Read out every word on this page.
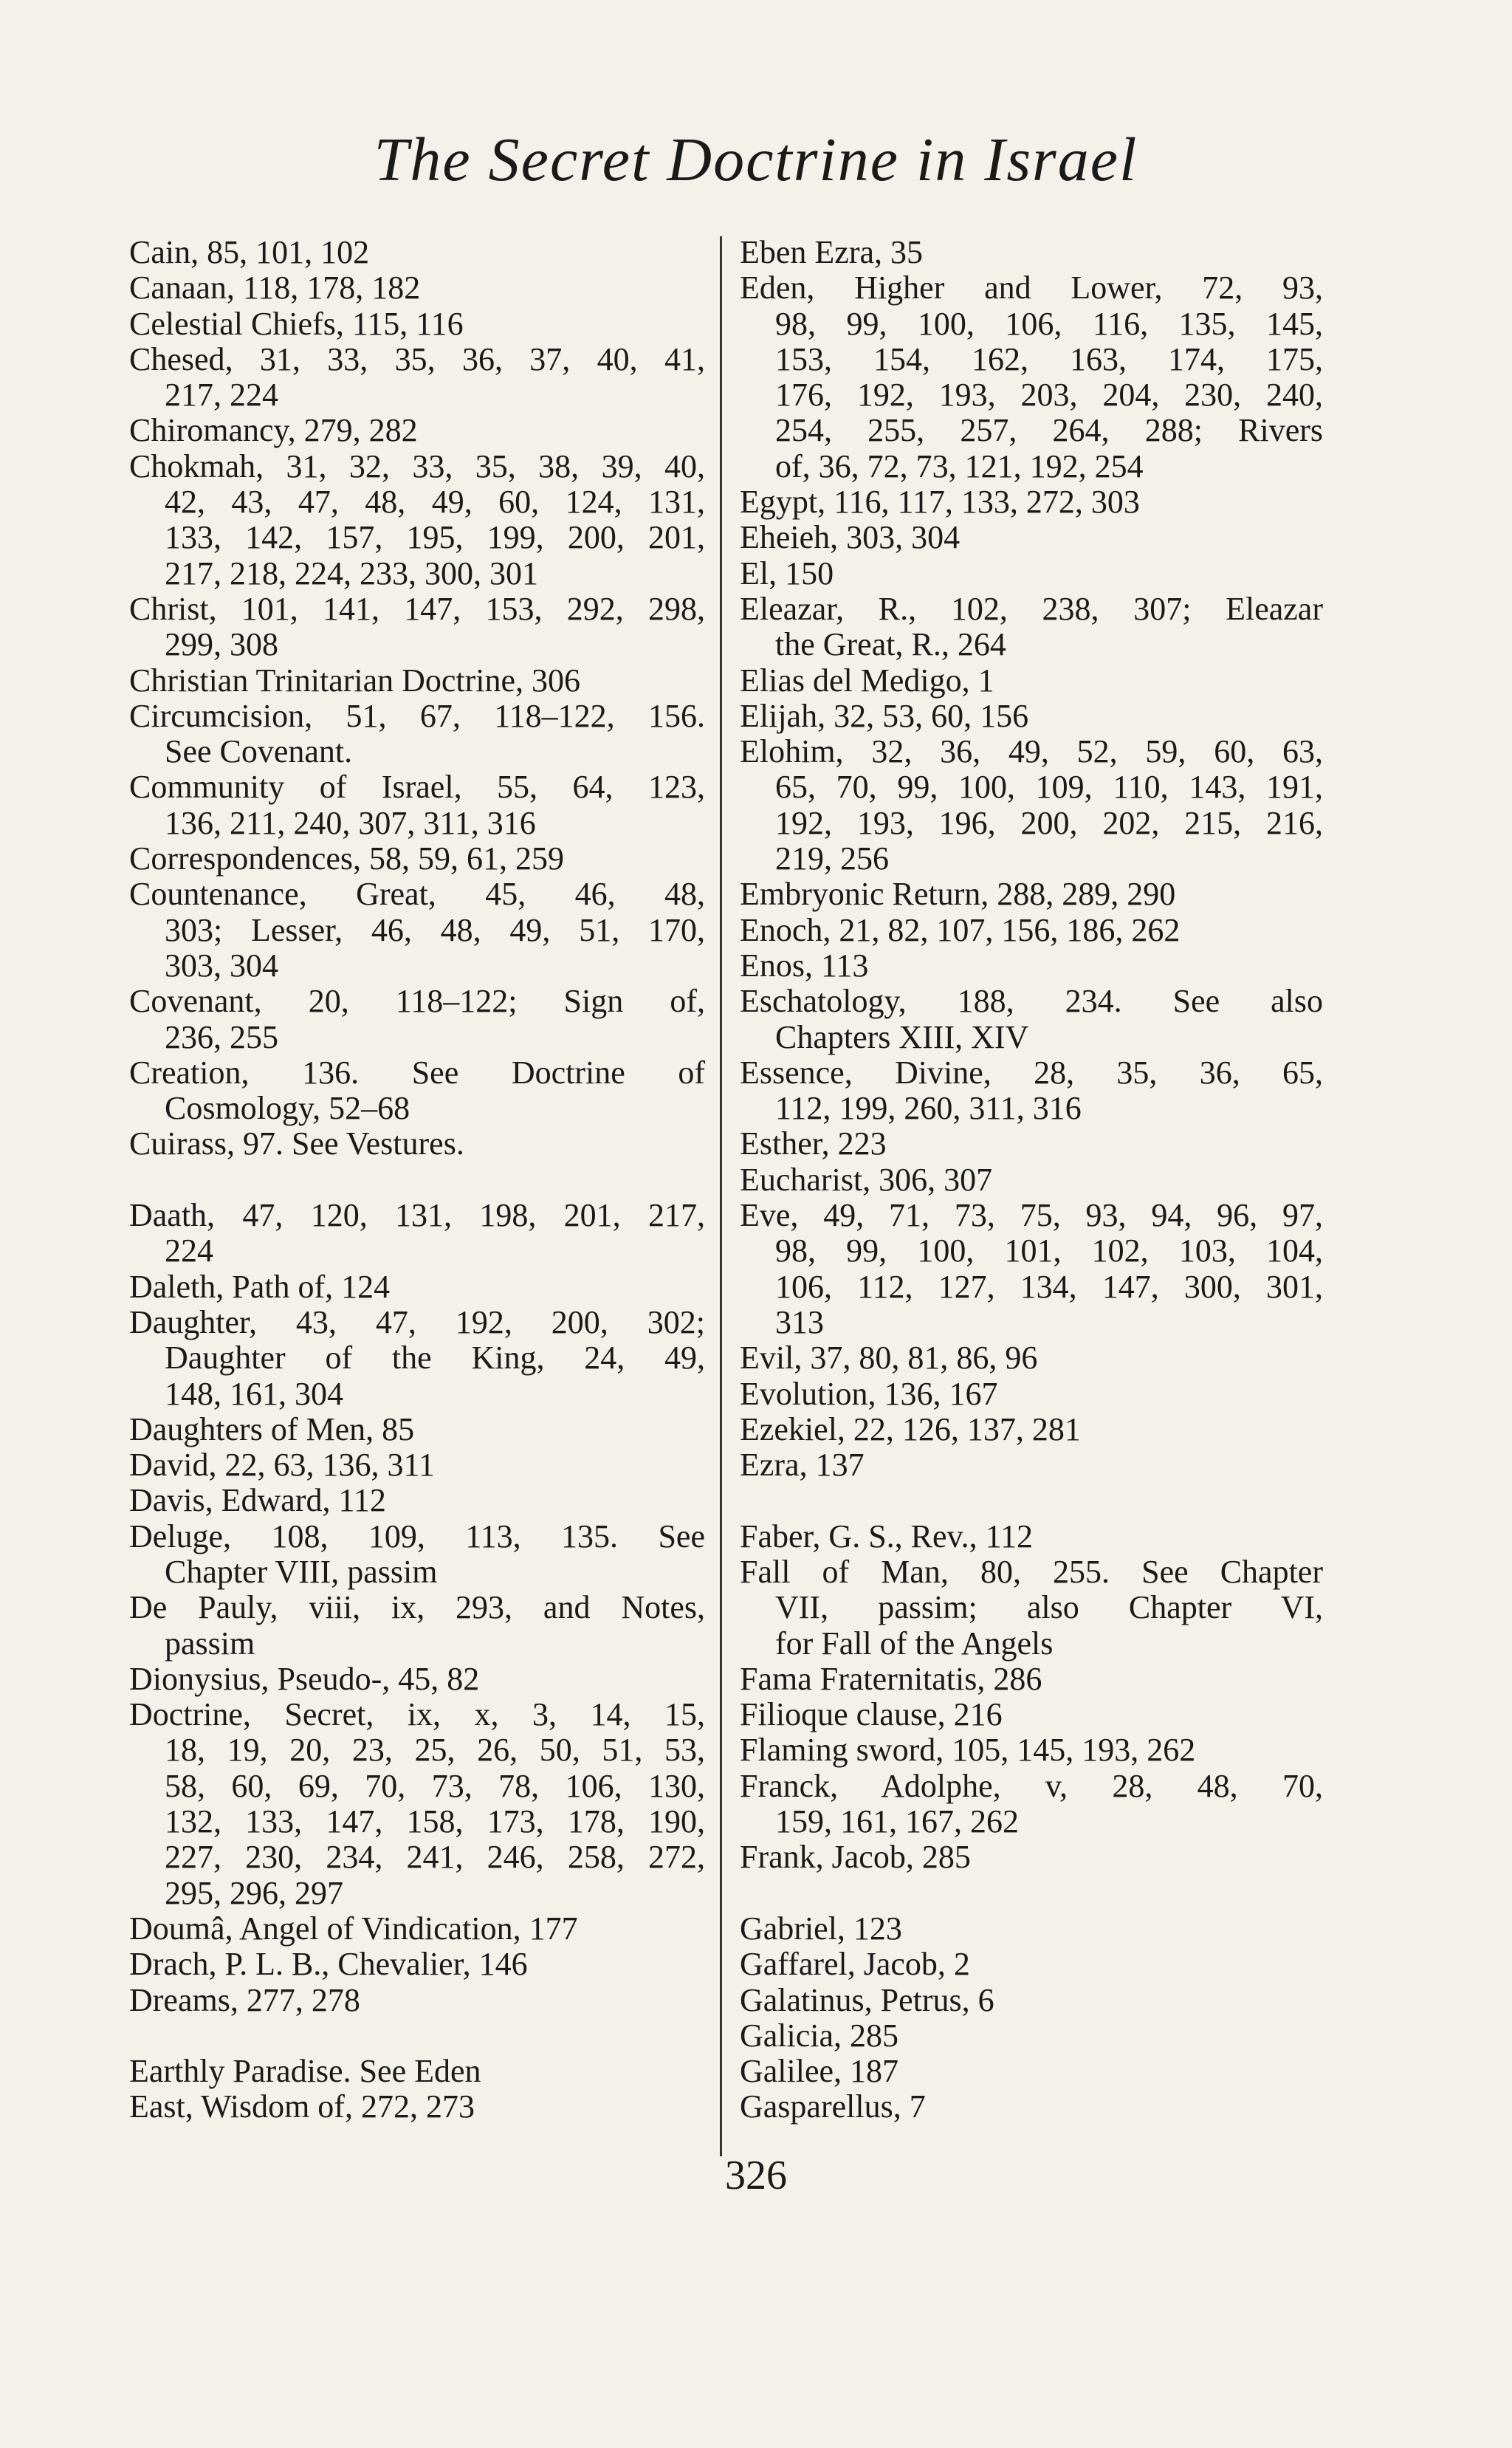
The Secret Doctrine in Israel
Cain, 85, 101, 102
Canaan, 118, 178, 182
Celestial Chiefs, 115, 116
Chesed, 31, 33, 35, 36, 37, 40, 41,
217, 224
Chiromancy, 279, 282
Chokmah, 31, 32, 33, 35, 38, 39, 40,
42, 43, 47, 48, 49, 60, 124, 131,
133, 142, 157, 195, 199, 200, 201,
217, 218, 224, 233, 300, 301
Christ, 101, 141, 147, 153, 292, 298,
299, 308
Christian Trinitarian Doctrine, 306
Circumcision, 51, 67, 118–122, 156.
See Covenant.
Community of Israel, 55, 64, 123,
136, 211, 240, 307, 311, 316
Correspondences, 58, 59, 61, 259
Countenance, Great, 45, 46, 48,
303; Lesser, 46, 48, 49, 51, 170,
303, 304
Covenant, 20, 118–122; Sign of,
236, 255
Creation, 136. See Doctrine of
Cosmology, 52–68
Cuirass, 97. See Vestures.
Daath, 47, 120, 131, 198, 201, 217,
224
Daleth, Path of, 124
Daughter, 43, 47, 192, 200, 302;
Daughter of the King, 24, 49,
148, 161, 304
Daughters of Men, 85
David, 22, 63, 136, 311
Davis, Edward, 112
Deluge, 108, 109, 113, 135. See
Chapter VIII, passim
De Pauly, viii, ix, 293, and Notes,
passim
Dionysius, Pseudo-, 45, 82
Doctrine, Secret, ix, x, 3, 14, 15,
18, 19, 20, 23, 25, 26, 50, 51, 53,
58, 60, 69, 70, 73, 78, 106, 130,
132, 133, 147, 158, 173, 178, 190,
227, 230, 234, 241, 246, 258, 272,
295, 296, 297
Doumâ, Angel of Vindication, 177
Drach, P. L. B., Chevalier, 146
Dreams, 277, 278
Earthly Paradise. See Eden
East, Wisdom of, 272, 273
Eben Ezra, 35
Eden, Higher and Lower, 72, 93,
98, 99, 100, 106, 116, 135, 145,
153, 154, 162, 163, 174, 175,
176, 192, 193, 203, 204, 230, 240,
254, 255, 257, 264, 288; Rivers
of, 36, 72, 73, 121, 192, 254
Egypt, 116, 117, 133, 272, 303
Eheieh, 303, 304
El, 150
Eleazar, R., 102, 238, 307; Eleazar
the Great, R., 264
Elias del Medigo, 1
Elijah, 32, 53, 60, 156
Elohim, 32, 36, 49, 52, 59, 60, 63,
65, 70, 99, 100, 109, 110, 143, 191,
192, 193, 196, 200, 202, 215, 216,
219, 256
Embryonic Return, 288, 289, 290
Enoch, 21, 82, 107, 156, 186, 262
Enos, 113
Eschatology, 188, 234. See also
Chapters XIII, XIV
Essence, Divine, 28, 35, 36, 65,
112, 199, 260, 311, 316
Esther, 223
Eucharist, 306, 307
Eve, 49, 71, 73, 75, 93, 94, 96, 97,
98, 99, 100, 101, 102, 103, 104,
106, 112, 127, 134, 147, 300, 301,
313
Evil, 37, 80, 81, 86, 96
Evolution, 136, 167
Ezekiel, 22, 126, 137, 281
Ezra, 137
Faber, G. S., Rev., 112
Fall of Man, 80, 255. See Chapter
VII, passim; also Chapter VI,
for Fall of the Angels
Fama Fraternitatis, 286
Filioque clause, 216
Flaming sword, 105, 145, 193, 262
Franck, Adolphe, v, 28, 48, 70,
159, 161, 167, 262
Frank, Jacob, 285
Gabriel, 123
Gaffarel, Jacob, 2
Galatinus, Petrus, 6
Galicia, 285
Galilee, 187
Gasparellus, 7
326
